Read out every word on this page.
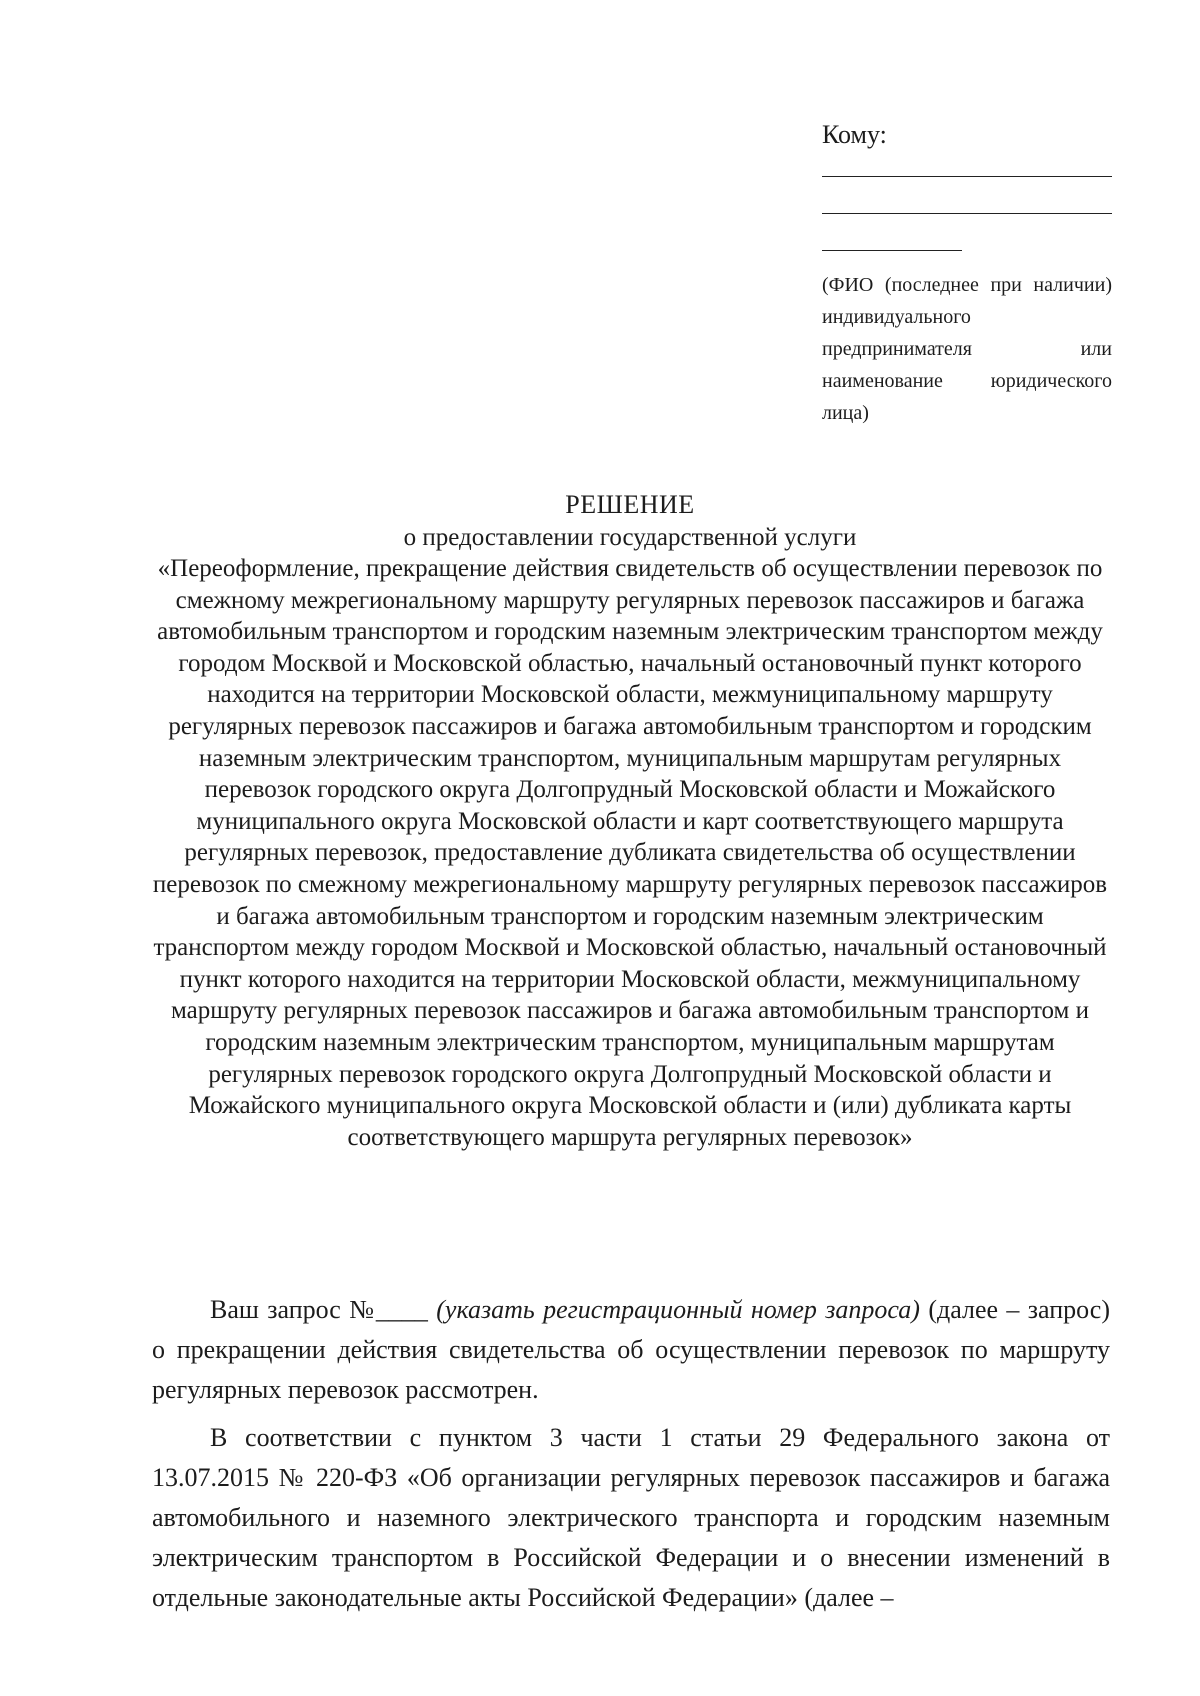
Кому:

(ФИО (последнее при наличии) индивидуального предпринимателя или наименование юридического лица)

РЕШЕНИЕ
о предоставлении государственной услуги
«Переоформление, прекращение действия свидетельств об осуществлении перевозок по смежному межрегиональному маршруту регулярных перевозок пассажиров и багажа автомобильным транспортом и городским наземным электрическим транспортом между городом Москвой и Московской областью, начальный остановочный пункт которого находится на территории Московской области, межмуниципальному маршруту регулярных перевозок пассажиров и багажа автомобильным транспортом и городским наземным электрическим транспортом, муниципальным маршрутам регулярных перевозок городского округа Долгопрудный Московской области и Можайского муниципального округа Московской области и карт соответствующего маршрута регулярных перевозок, предоставление дубликата свидетельства об осуществлении перевозок по смежному межрегиональному маршруту регулярных перевозок пассажиров и багажа автомобильным транспортом и городским наземным электрическим транспортом между городом Москвой и Московской областью, начальный остановочный пункт которого находится на территории Московской области, межмуниципальному маршруту регулярных перевозок пассажиров и багажа автомобильным транспортом и городским наземным электрическим транспортом, муниципальным маршрутам регулярных перевозок городского округа Долгопрудный Московской области и Можайского муниципального округа Московской области и (или) дубликата карты соответствующего маршрута регулярных перевозок»

Ваш запрос №____ (указать регистрационный номер запроса) (далее – запрос) о прекращении действия свидетельства об осуществлении перевозок по маршруту регулярных перевозок рассмотрен.

В соответствии с пунктом 3 части 1 статьи 29 Федерального закона от 13.07.2015 № 220-ФЗ «Об организации регулярных перевозок пассажиров и багажа автомобильного и наземного электрического транспорта и городским наземным электрическим транспортом в Российской Федерации и о внесении изменений в отдельные законодательные акты Российской Федерации» (далее –
